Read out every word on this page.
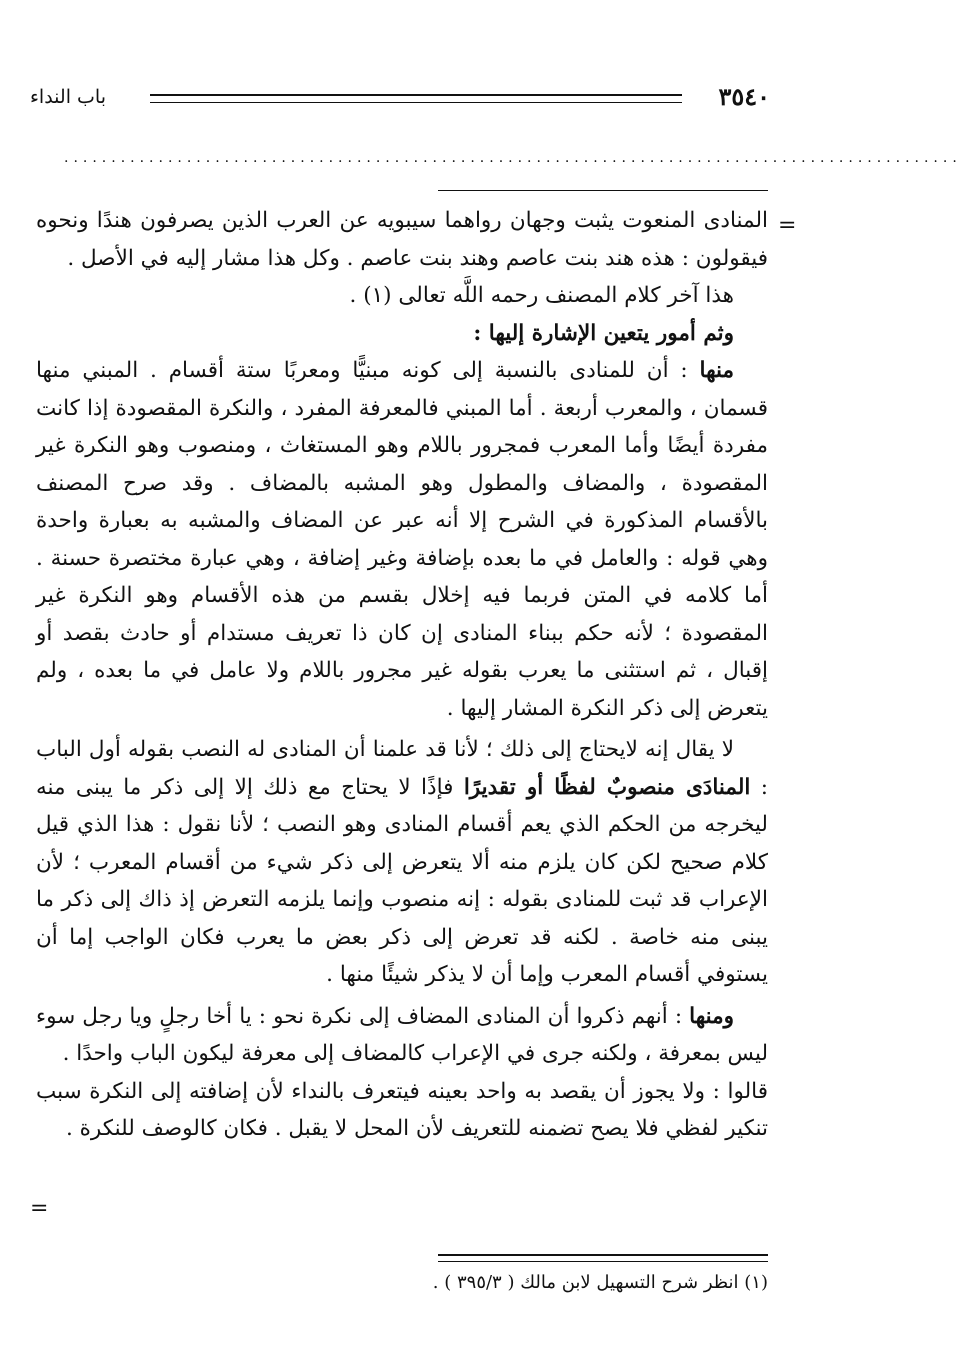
باب النداء	٣٥٤٠
...............................................................................................
=

المنادى المنعوت يثبت وجهان رواهما سيبويه عن العرب الذين يصرفون هندًا ونحوه فيقولون : هذه هند بنت عاصم وهند بنت عاصم . وكل هذا مشار إليه في الأصل .

هذا آخر كلام المصنف رحمه اللَّه تعالى (١) .

وثم أمور يتعين الإشارة إليها :

منها : أن للمنادى بالنسبة إلى كونه مبنيًّا ومعربًا ستة أقسام . المبني منها قسمان ، والمعرب أربعة . أما المبني فالمعرفة المفرد ، والنكرة المقصودة إذا كانت مفردة أيضًا وأما المعرب فمجرور باللام وهو المستغاث ، ومنصوب وهو النكرة غير المقصودة ، والمضاف والمطول وهو المشبه بالمضاف . وقد صرح المصنف بالأقسام المذكورة في الشرح إلا أنه عبر عن المضاف والمشبه به بعبارة واحدة وهي قوله : والعامل في ما بعده بإضافة وغير إضافة ، وهي عبارة مختصرة حسنة . أما كلامه في المتن فربما فيه إخلال بقسم من هذه الأقسام وهو النكرة غير المقصودة ؛ لأنه حكم ببناء المنادى إن كان ذا تعريف مستدام أو حادث بقصد أو إقبال ، ثم استثنى ما يعرب بقوله غير مجرور باللام ولا عامل في ما بعده ، ولم يتعرض إلى ذكر النكرة المشار إليها .

لا يقال إنه لايحتاج إلى ذلك ؛ لأنا قد علمنا أن المنادى له النصب بقوله أول الباب : المنادَى منصوبٌ لفظًا أو تقديرًا فإذًا لا يحتاج مع ذلك إلا إلى ذكر ما يبنى منه ليخرجه من الحكم الذي يعم أقسام المنادى وهو النصب ؛ لأنا نقول : هذا الذي قيل كلام صحيح لكن كان يلزم منه ألا يتعرض إلى ذكر شيء من أقسام المعرب ؛ لأن الإعراب قد ثبت للمنادى بقوله : إنه منصوب وإنما يلزمه التعرض إذ ذاك إلى ذكر ما يبنى منه خاصة . لكنه قد تعرض إلى ذكر بعض ما يعرب فكان الواجب إما أن يستوفي أقسام المعرب وإما أن لا يذكر شيئًا منها .

ومنها : أنهم ذكروا أن المنادى المضاف إلى نكرة نحو : يا أخا رجلٍ ويا رجل سوء ليس بمعرفة ، ولكنه جرى في الإعراب كالمضاف إلى معرفة ليكون الباب واحدًا .

قالوا : ولا يجوز أن يقصد به واحد بعينه فيتعرف بالنداء لأن إضافته إلى النكرة سبب تنكير لفظي فلا يصح تضمنه للتعريف لأن المحل لا يقبل . فكان كالوصف للنكرة .

=
(١) انظر شرح التسهيل لابن مالك ( ٣٩٥/٣ ) .
